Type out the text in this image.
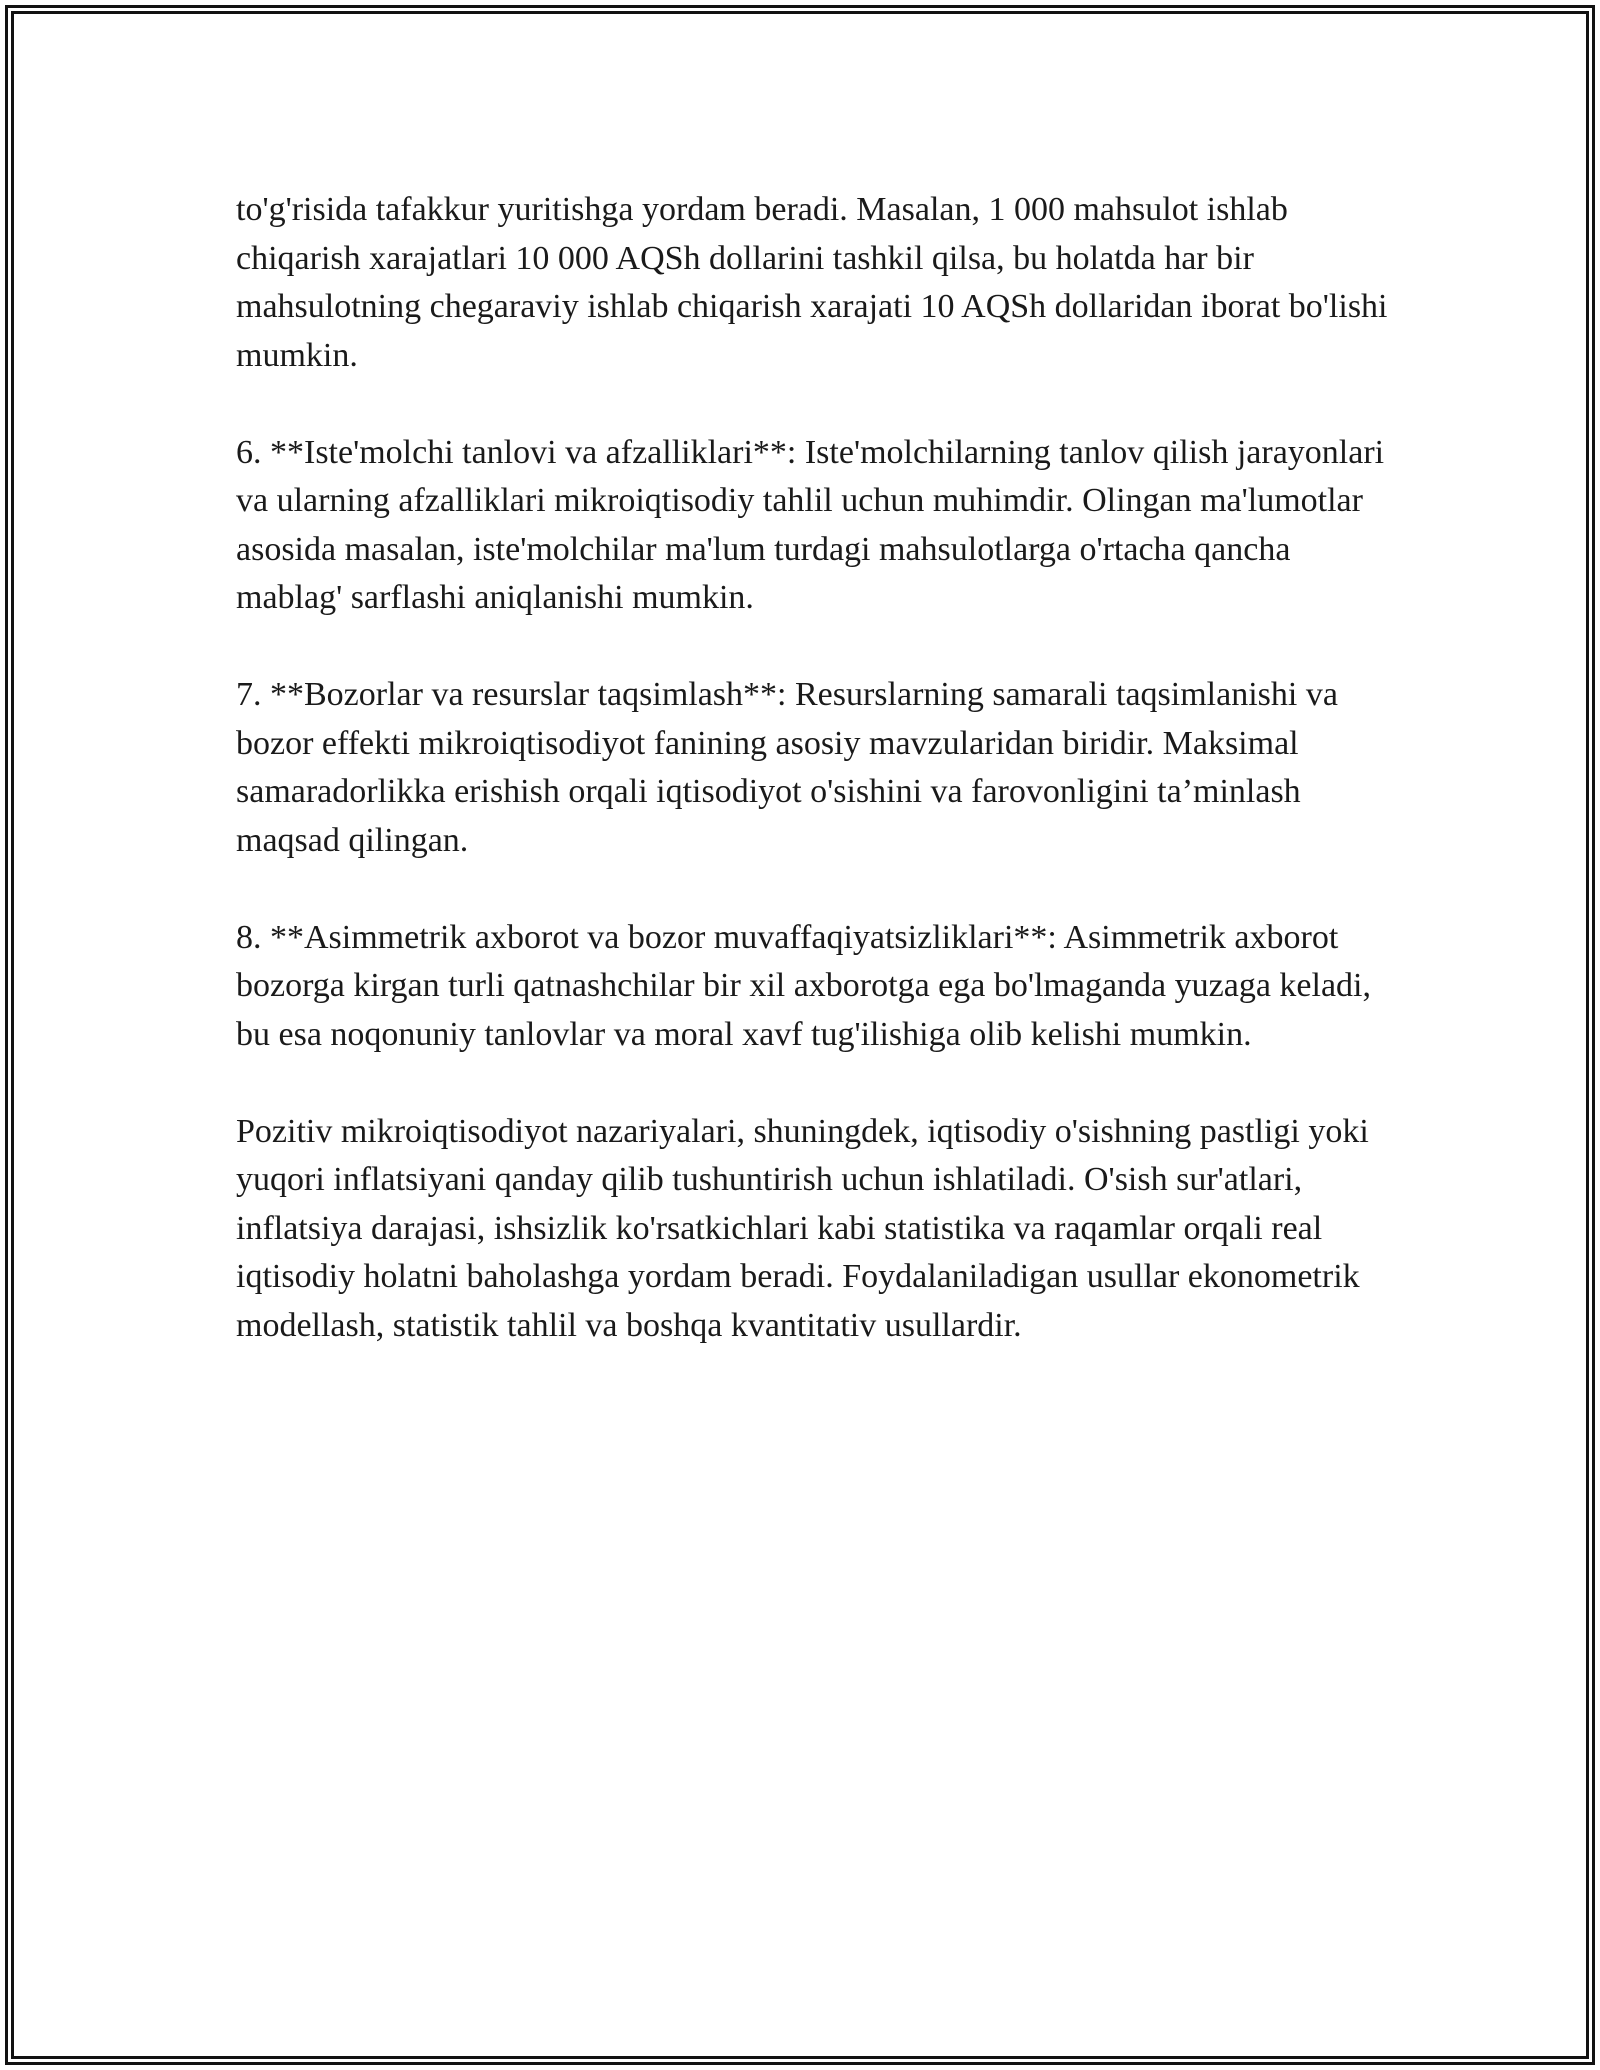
to'g'risida tafakkur yuritishga yordam beradi. Masalan, 1 000 mahsulot ishlab chiqarish xarajatlari 10 000 AQSh dollarini tashkil qilsa, bu holatda har bir mahsulotning chegaraviy ishlab chiqarish xarajati 10 AQSh dollaridan iborat bo'lishi mumkin.

6. **Iste'molchi tanlovi va afzalliklari**: Iste'molchilarning tanlov qilish jarayonlari va ularning afzalliklari mikroiqtisodiy tahlil uchun muhimdir. Olingan ma'lumotlar asosida masalan, iste'molchilar ma'lum turdagi mahsulotlarga o'rtacha qancha mablag' sarflashi aniqlanishi mumkin.

7. **Bozorlar va resurslar taqsimlash**: Resurslarning samarali taqsimlanishi va bozor effekti mikroiqtisodiyot fanining asosiy mavzularidan biridir. Maksimal samaradorlikka erishish orqali iqtisodiyot o'sishini va farovonligini ta’minlash maqsad qilingan.

8. **Asimmetrik axborot va bozor muvaffaqiyatsizliklari**: Asimmetrik axborot bozorga kirgan turli qatnashchilar bir xil axborotga ega bo'lmaganda yuzaga keladi, bu esa noqonuniy tanlovlar va moral xavf tug'ilishiga olib kelishi mumkin.

Pozitiv mikroiqtisodiyot nazariyalari, shuningdek, iqtisodiy o'sishning pastligi yoki yuqori inflatsiyani qanday qilib tushuntirish uchun ishlatiladi. O'sish sur'atlari, inflatsiya darajasi, ishsizlik ko'rsatkichlari kabi statistika va raqamlar orqali real iqtisodiy holatni baholashga yordam beradi. Foydalaniladigan usullar ekonometrik modellash, statistik tahlil va boshqa kvantitativ usullardir.
